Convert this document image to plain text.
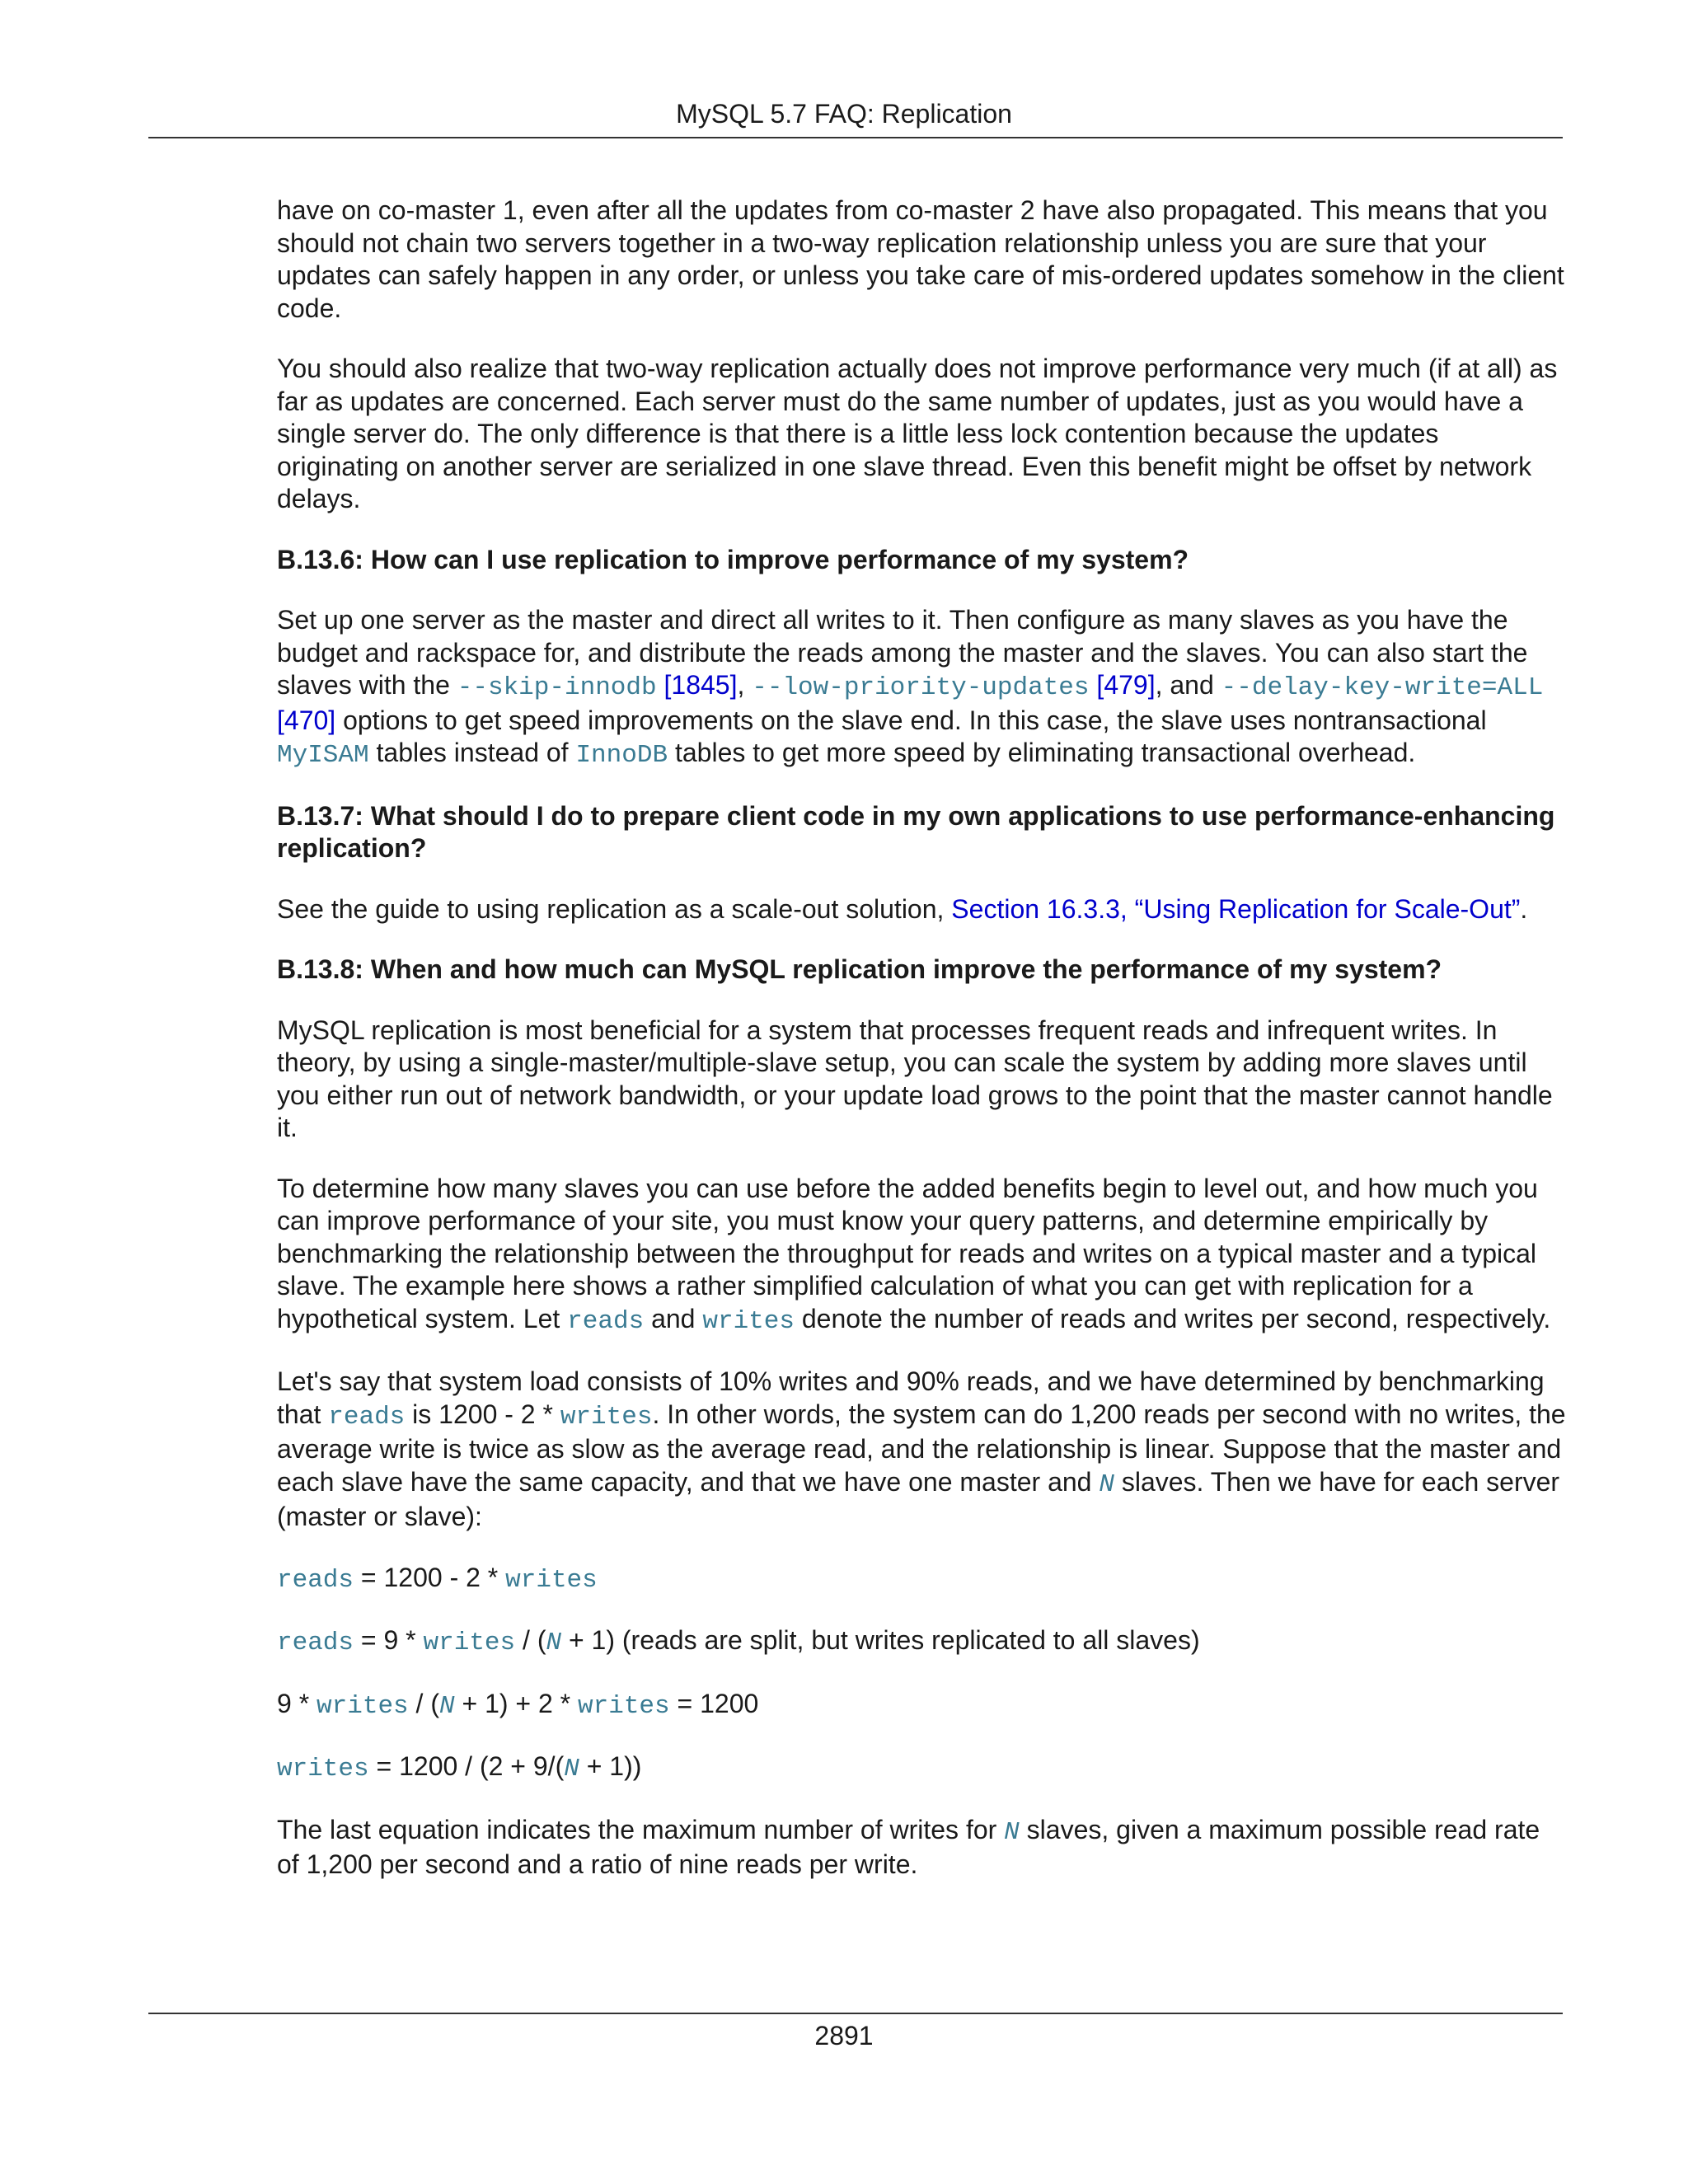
MySQL 5.7 FAQ: Replication

have on co-master 1, even after all the updates from co-master 2 have also propagated. This means that you should not chain two servers together in a two-way replication relationship unless you are sure that your updates can safely happen in any order, or unless you take care of mis-ordered updates somehow in the client code.

You should also realize that two-way replication actually does not improve performance very much (if at all) as far as updates are concerned. Each server must do the same number of updates, just as you would have a single server do. The only difference is that there is a little less lock contention because the updates originating on another server are serialized in one slave thread. Even this benefit might be offset by network delays.

B.13.6: How can I use replication to improve performance of my system?

Set up one server as the master and direct all writes to it. Then configure as many slaves as you have the budget and rackspace for, and distribute the reads among the master and the slaves. You can also start the slaves with the --skip-innodb [1845], --low-priority-updates [479], and --delay-key-write=ALL [470] options to get speed improvements on the slave end. In this case, the slave uses nontransactional MyISAM tables instead of InnoDB tables to get more speed by eliminating transactional overhead.

B.13.7: What should I do to prepare client code in my own applications to use performance-enhancing replication?

See the guide to using replication as a scale-out solution, Section 16.3.3, “Using Replication for Scale-Out”.

B.13.8: When and how much can MySQL replication improve the performance of my system?

MySQL replication is most beneficial for a system that processes frequent reads and infrequent writes. In theory, by using a single-master/multiple-slave setup, you can scale the system by adding more slaves until you either run out of network bandwidth, or your update load grows to the point that the master cannot handle it.

To determine how many slaves you can use before the added benefits begin to level out, and how much you can improve performance of your site, you must know your query patterns, and determine empirically by benchmarking the relationship between the throughput for reads and writes on a typical master and a typical slave. The example here shows a rather simplified calculation of what you can get with replication for a hypothetical system. Let reads and writes denote the number of reads and writes per second, respectively.

Let's say that system load consists of 10% writes and 90% reads, and we have determined by benchmarking that reads is 1200 - 2 * writes. In other words, the system can do 1,200 reads per second with no writes, the average write is twice as slow as the average read, and the relationship is linear. Suppose that the master and each slave have the same capacity, and that we have one master and N slaves. Then we have for each server (master or slave):

reads = 1200 - 2 * writes

reads = 9 * writes / (N + 1) (reads are split, but writes replicated to all slaves)

9 * writes / (N + 1) + 2 * writes = 1200

writes = 1200 / (2 + 9/(N + 1))

The last equation indicates the maximum number of writes for N slaves, given a maximum possible read rate of 1,200 per second and a ratio of nine reads per write.

2891
